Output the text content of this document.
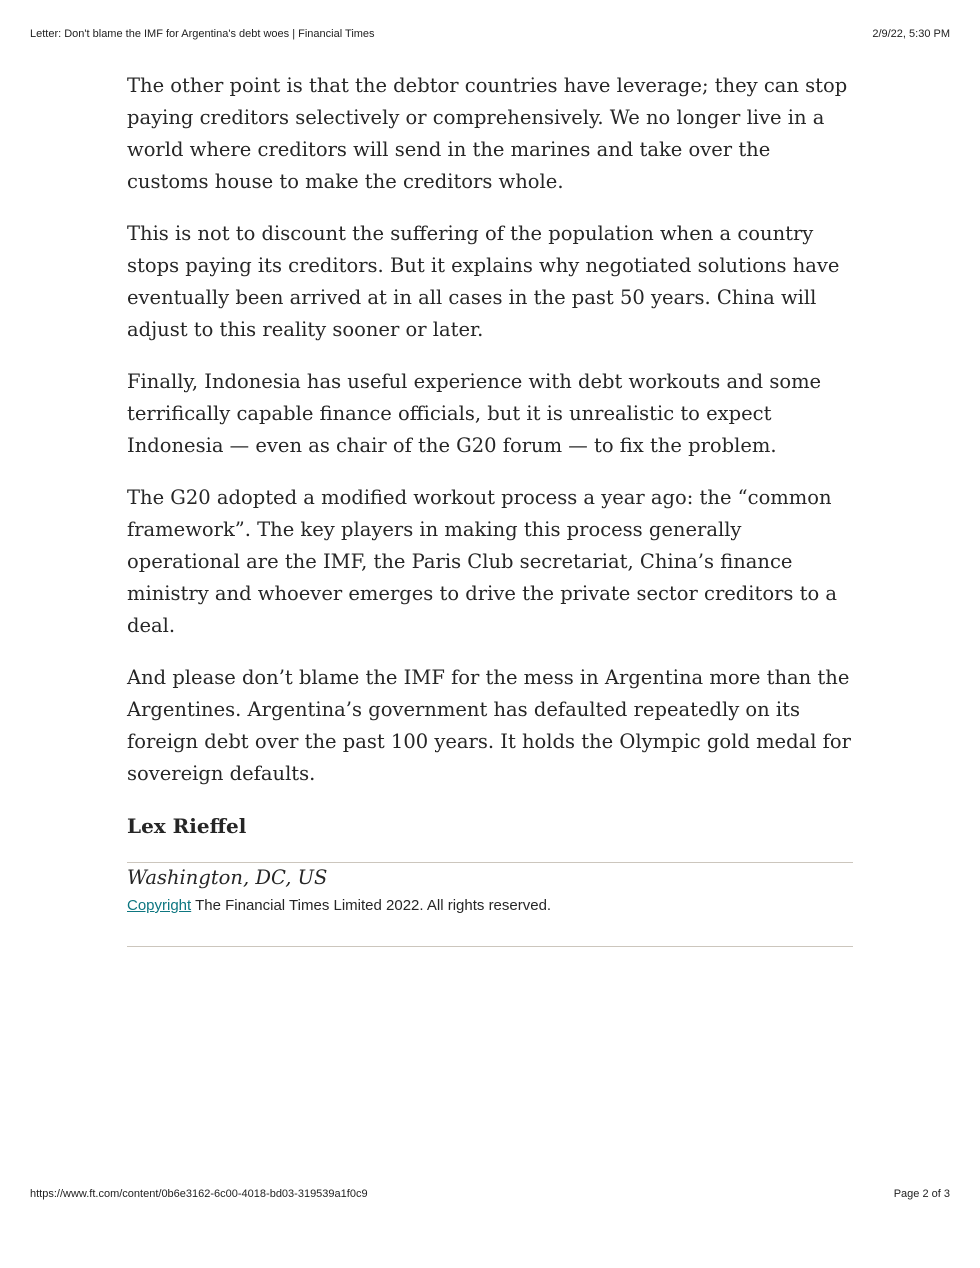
Letter: Don't blame the IMF for Argentina's debt woes | Financial Times	2/9/22, 5:30 PM

The other point is that the debtor countries have leverage; they can stop paying creditors selectively or comprehensively. We no longer live in a world where creditors will send in the marines and take over the customs house to make the creditors whole.

This is not to discount the suffering of the population when a country stops paying its creditors. But it explains why negotiated solutions have eventually been arrived at in all cases in the past 50 years. China will adjust to this reality sooner or later.

Finally, Indonesia has useful experience with debt workouts and some terrifically capable finance officials, but it is unrealistic to expect Indonesia — even as chair of the G20 forum — to fix the problem.

The G20 adopted a modified workout process a year ago: the “common framework”. The key players in making this process generally operational are the IMF, the Paris Club secretariat, China’s finance ministry and whoever emerges to drive the private sector creditors to a deal.

And please don’t blame the IMF for the mess in Argentina more than the Argentines. Argentina’s government has defaulted repeatedly on its foreign debt over the past 100 years. It holds the Olympic gold medal for sovereign defaults.

Lex Rieffel

Washington, DC, US

Copyright The Financial Times Limited 2022. All rights reserved.
https://www.ft.com/content/0b6e3162-6c00-4018-bd03-319539a1f0c9	Page 2 of 3
